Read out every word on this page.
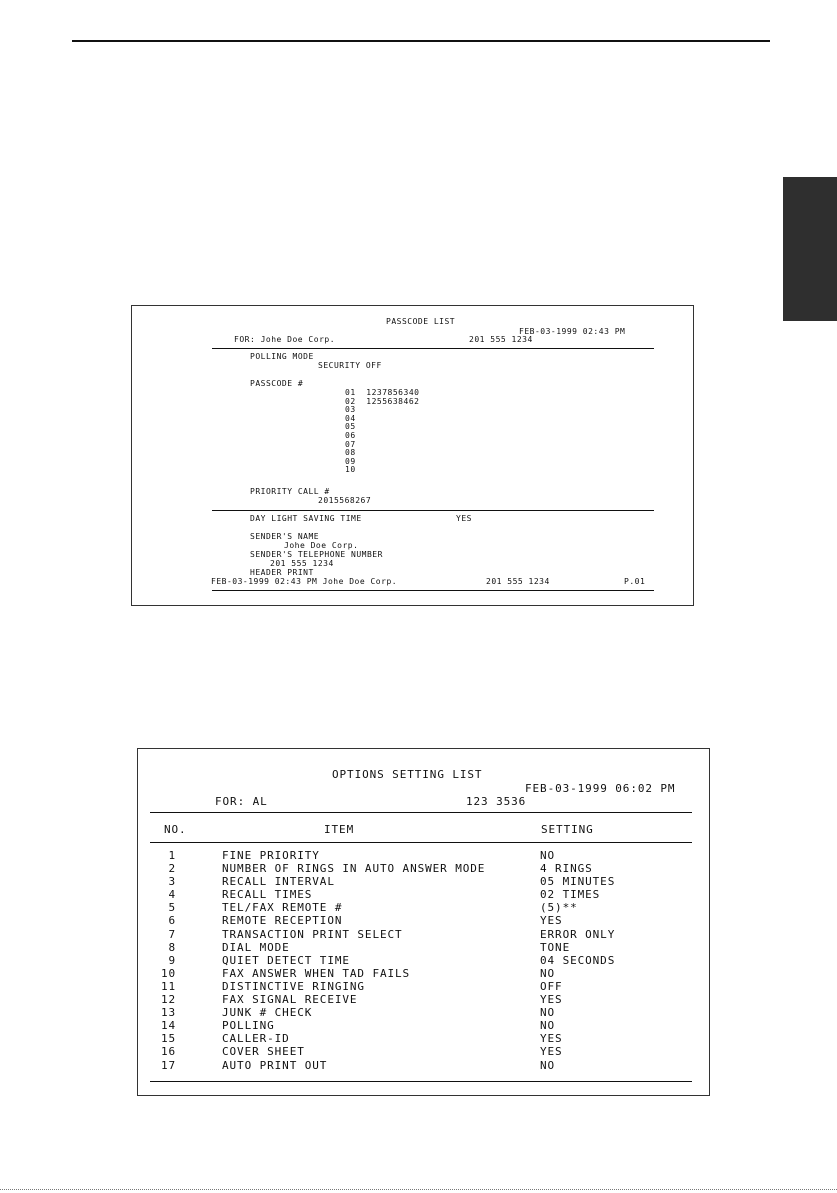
PASSCODE LIST
FEB-03-1999 02:43 PM
FOR: Johe Doe Corp.	201 555 1234
POLLING MODE
SECURITY OFF
PASSCODE #
01 1237856340
02 1255638462
03
04
05
06
07
08
09
10
PRIORITY CALL #
2015568267
DAY LIGHT SAVING TIME	YES
SENDER'S NAME
Johe Doe Corp.
SENDER'S TELEPHONE NUMBER
201 555 1234
HEADER PRINT
FEB-03-1999 02:43 PM Johe Doe Corp.	201 555 1234	P.01
OPTIONS SETTING LIST
FEB-03-1999 06:02 PM
FOR: AL	123 3536
NO.	ITEM	SETTING
1	FINE PRIORITY	NO
2	NUMBER OF RINGS IN AUTO ANSWER MODE	4 RINGS
3	RECALL INTERVAL	05 MINUTES
4	RECALL TIMES	02 TIMES
5	TEL/FAX REMOTE #	(5)**
6	REMOTE RECEPTION	YES
7	TRANSACTION PRINT SELECT	ERROR ONLY
8	DIAL MODE	TONE
9	QUIET DETECT TIME	04 SECONDS
10	FAX ANSWER WHEN TAD FAILS	NO
11	DISTINCTIVE RINGING	OFF
12	FAX SIGNAL RECEIVE	YES
13	JUNK # CHECK	NO
14	POLLING	NO
15	CALLER-ID	YES
16	COVER SHEET	YES
17	AUTO PRINT OUT	NO
